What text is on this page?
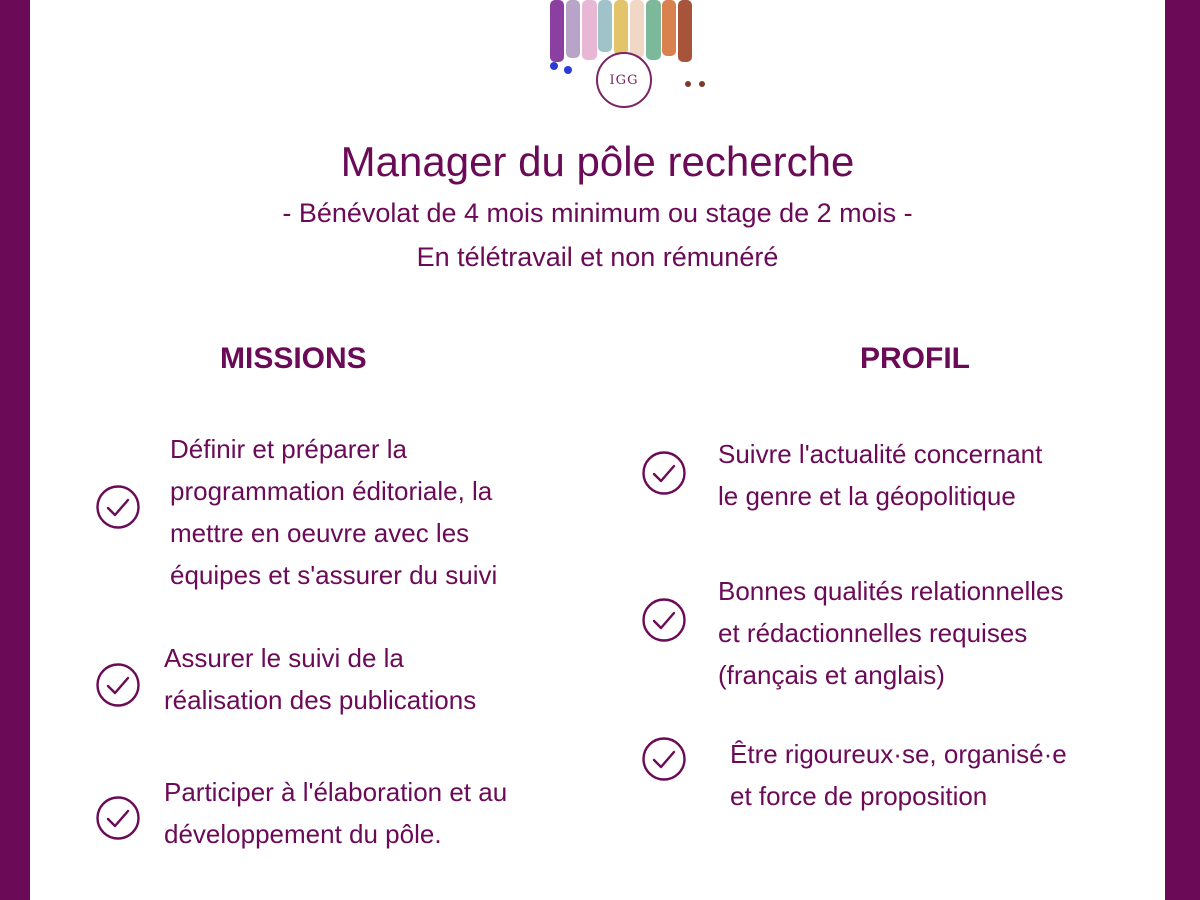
IGG
Manager du pôle recherche
- Bénévolat de 4 mois minimum ou stage de 2 mois -
En télétravail et non rémunéré
MISSIONS	PROFIL

Définir et préparer la
programmation éditoriale, la
mettre en oeuvre avec les
équipes et s'assurer du suivi

Assurer le suivi de la
réalisation des publications

Participer à l'élaboration et au
développement du pôle.

Suivre l'actualité concernant
le genre et la géopolitique

Bonnes qualités relationnelles
et rédactionnelles requises
(français et anglais)

Être rigoureux·se, organisé·e
et force de proposition
